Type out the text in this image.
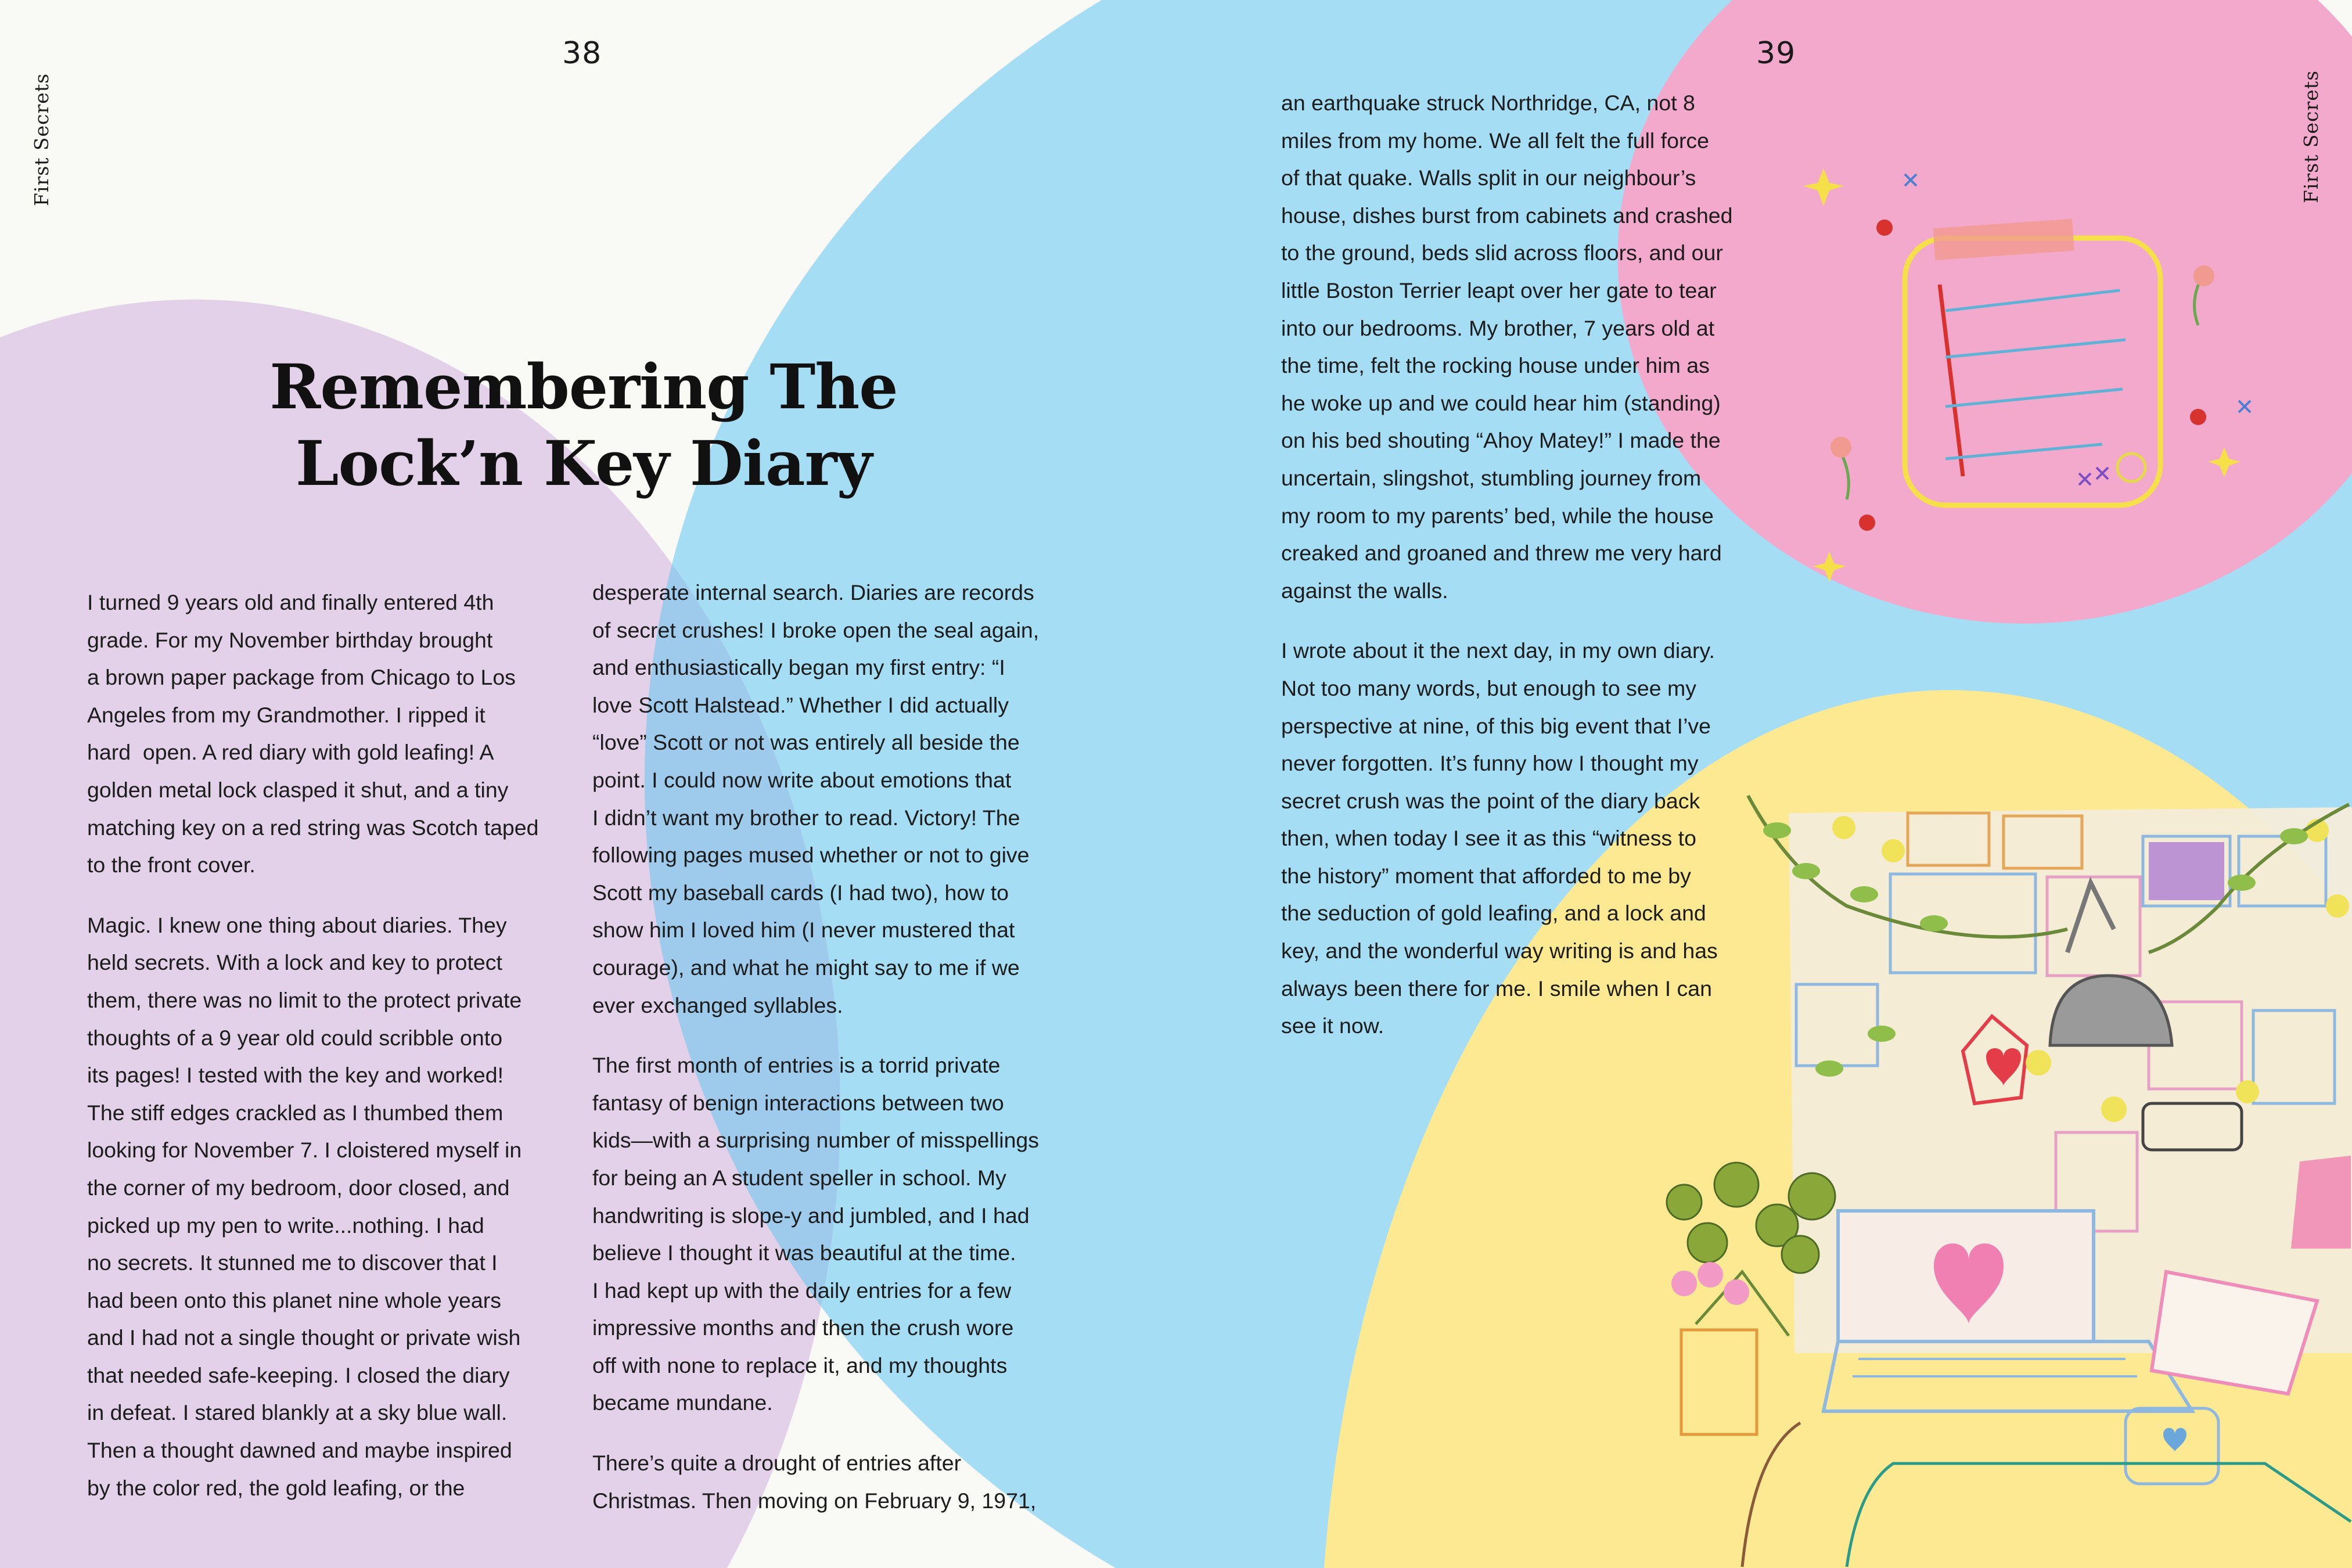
First Secrets	First Secrets
38	39
Remembering The
Lock’n Key Diary
I turned 9 years old and finally entered 4th
grade. For my November birthday brought
a brown paper package from Chicago to Los
Angeles from my Grandmother. I ripped it
hard  open. A red diary with gold leafing! A
golden metal lock clasped it shut, and a tiny
matching key on a red string was Scotch taped
to the front cover.
Magic. I knew one thing about diaries. They
held secrets. With a lock and key to protect
them, there was no limit to the protect private
thoughts of a 9 year old could scribble onto
its pages! I tested with the key and worked!
The stiff edges crackled as I thumbed them
looking for November 7. I cloistered myself in
the corner of my bedroom, door closed, and
picked up my pen to write...nothing. I had
no secrets. It stunned me to discover that I
had been onto this planet nine whole years
and I had not a single thought or private wish
that needed safe-keeping. I closed the diary
in defeat. I stared blankly at a sky blue wall.
Then a thought dawned and maybe inspired
by the color red, the gold leafing, or the
desperate internal search. Diaries are records
of secret crushes! I broke open the seal again,
and enthusiastically began my first entry: “I
love Scott Halstead.” Whether I did actually
“love” Scott or not was entirely all beside the
point. I could now write about emotions that
I didn’t want my brother to read. Victory! The
following pages mused whether or not to give
Scott my baseball cards (I had two), how to
show him I loved him (I never mustered that
courage), and what he might say to me if we
ever exchanged syllables.
The first month of entries is a torrid private
fantasy of benign interactions between two
kids—with a surprising number of misspellings
for being an A student speller in school. My
handwriting is slope-y and jumbled, and I had
believe I thought it was beautiful at the time.
I had kept up with the daily entries for a few
impressive months and then the crush wore
off with none to replace it, and my thoughts
became mundane.
There’s quite a drought of entries after
Christmas. Then moving on February 9, 1971,
an earthquake struck Northridge, CA, not 8
miles from my home. We all felt the full force
of that quake. Walls split in our neighbour’s
house, dishes burst from cabinets and crashed
to the ground, beds slid across floors, and our
little Boston Terrier leapt over her gate to tear
into our bedrooms. My brother, 7 years old at
the time, felt the rocking house under him as
he woke up and we could hear him (standing)
on his bed shouting “Ahoy Matey!” I made the
uncertain, slingshot, stumbling journey from
my room to my parents’ bed, while the house
creaked and groaned and threw me very hard
against the walls.
I wrote about it the next day, in my own diary.
Not too many words, but enough to see my
perspective at nine, of this big event that I’ve
never forgotten. It’s funny how I thought my
secret crush was the point of the diary back
then, when today I see it as this “witness to
the history” moment that afforded to me by
the seduction of gold leafing, and a lock and
key, and the wonderful way writing is and has
always been there for me. I smile when I can
see it now.
